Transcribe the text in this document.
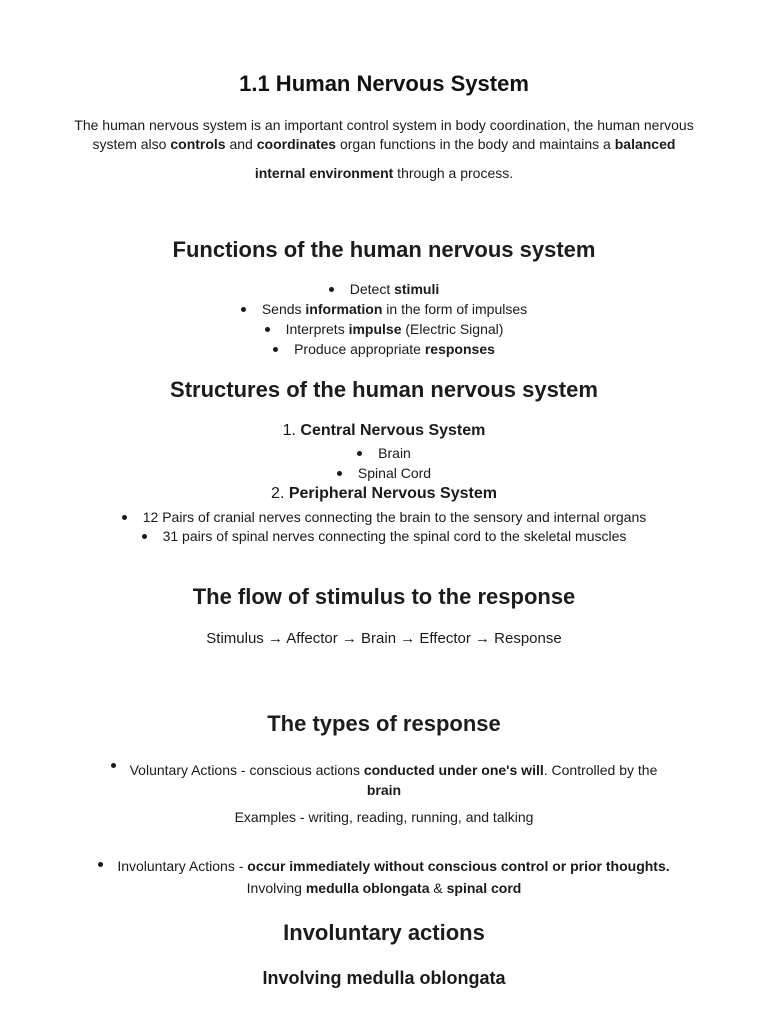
1.1 Human Nervous System
The human nervous system is an important control system in body coordination, the human nervous
system also controls and coordinates organ functions in the body and maintains a balanced
internal environment through a process.
Functions of the human nervous system
Detect stimuli
Sends information in the form of impulses
Interprets impulse (Electric Signal)
Produce appropriate responses
Structures of the human nervous system
1. Central Nervous System
Brain
Spinal Cord
2. Peripheral Nervous System
12 Pairs of cranial nerves connecting the brain to the sensory and internal organs
31 pairs of spinal nerves connecting the spinal cord to the skeletal muscles
The flow of stimulus to the response
Stimulus → Affector → Brain → Effector → Response
The types of response
Voluntary Actions - conscious actions conducted under one's will. Controlled by the
brain
Examples - writing, reading, running, and talking
Involuntary Actions - occur immediately without conscious control or prior thoughts.
Involving medulla oblongata & spinal cord
Involuntary actions
Involving medulla oblongata
